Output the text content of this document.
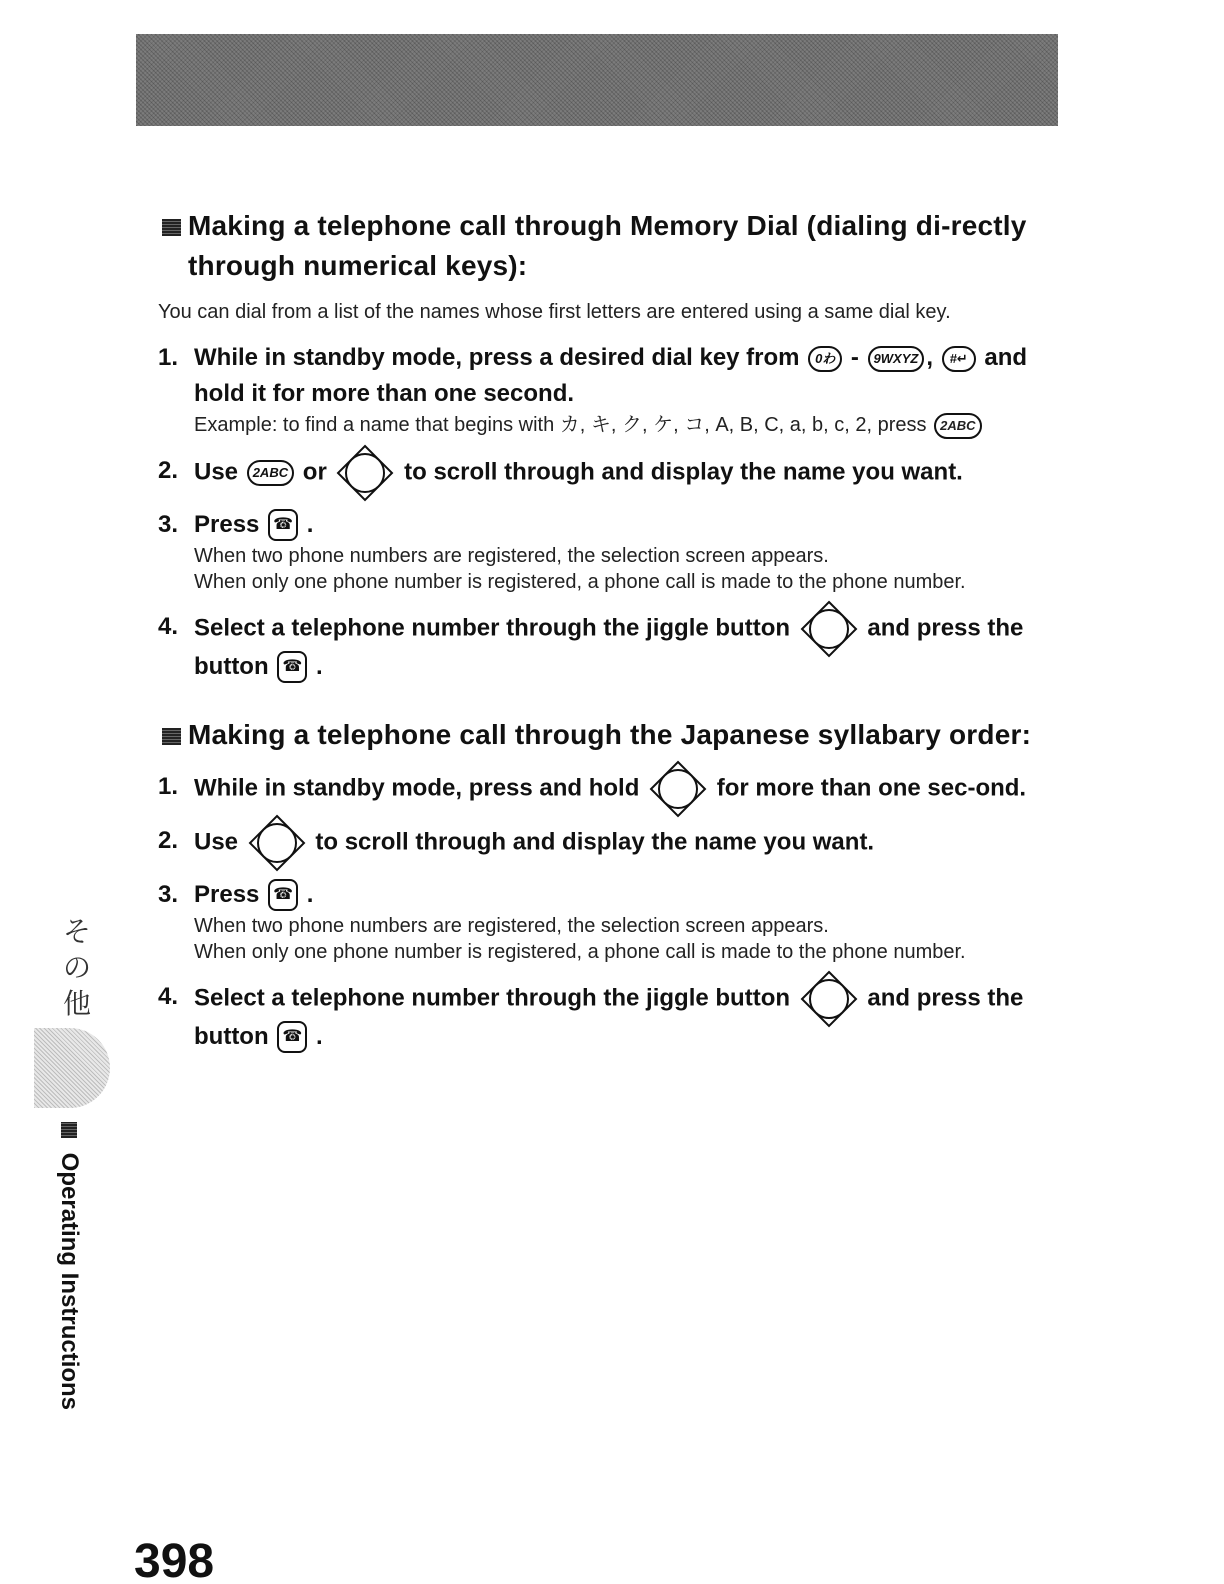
Making a telephone call through Memory Dial (dialing di-rectly through numerical keys):

You can dial from a list of the names whose first letters are entered using a same dial key.

1. While in standby mode, press a desired dial key from 0わ - 9WXYZ , #↵ and hold it for more than one second.
Example: to find a name that begins with カ, キ, ク, ケ, コ, A, B, C, a, b, c, 2, press 2ABC
2. Use 2ABC or	to scroll through and display the name you want.
3. Press ☎ .
When two phone numbers are registered, the selection screen appears.
When only one phone number is registered, a phone call is made to the phone number.
4. Select a telephone number through the jiggle button	and press the button ☎ .
Making a telephone call through the Japanese syllabary order:
1. While in standby mode, press and hold	for more than one sec-ond.
2. Use	to scroll through and display the name you want.
3. Press ☎ .
When two phone numbers are registered, the selection screen appears.
When only one phone number is registered, a phone call is made to the phone number.
4. Select a telephone number through the jiggle button	and press the button ☎ .
その他
Operating Instructions
398
